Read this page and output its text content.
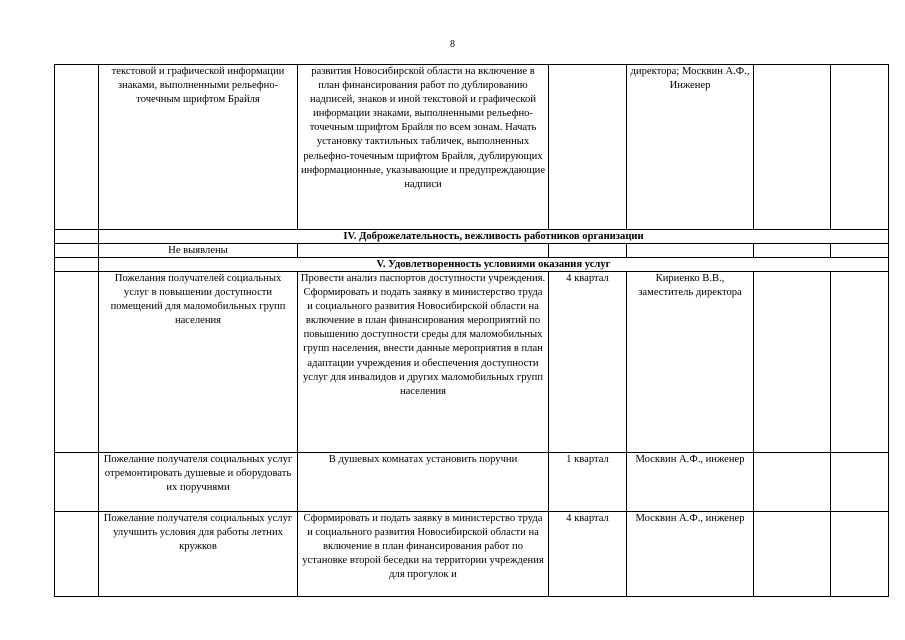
8
	текстовой и графической информации знаками, выполненными рельефно-точечным шрифтом Брайля	развития Новосибирской области на включение в план финансирования работ по дублированию надписей, знаков и иной текстовой и графической информации знаками, выполненными рельефно-точечным шрифтом Брайля по всем зонам. Начать установку тактильных табличек, выполненных рельефно-точечным шрифтом Брайля, дублирующих информационные, указывающие и предупреждающие надписи		директора; Москвин А.Ф., Инженер		
	IV. Доброжелательность, вежливость работников организации					
	Не выявлены					
	V. Удовлетворенность условиями оказания услуг					
	Пожелания получателей социальных услуг в повышении доступности помещений для маломобильных групп населения	Провести анализ паспортов доступности учреждения. Сформировать и подать заявку в министерство труда и социального развития Новосибирской области на включение в план финансирования мероприятий по повышению доступности среды для маломобильных групп населения, внести данные мероприятия в план адаптации учреждения и обеспечения доступности услуг для инвалидов и других маломобильных групп населения	4 квартал	Кириенко В.В., заместитель директора		
	Пожелание получателя социальных услуг отремонтировать душевые и оборудовать их поручнями	В душевых комнатах установить поручни	1 квартал	Москвин А.Ф., инженер		

	Пожелание получателя социальных услуг улучшить условия для работы летних кружков	Сформировать и подать заявку в министерство труда и социального развития Новосибирской области на включение в план финансирования работ по установке второй беседки на территории учреждения для прогулок и	4 квартал	Москвин А.Ф., инженер		
